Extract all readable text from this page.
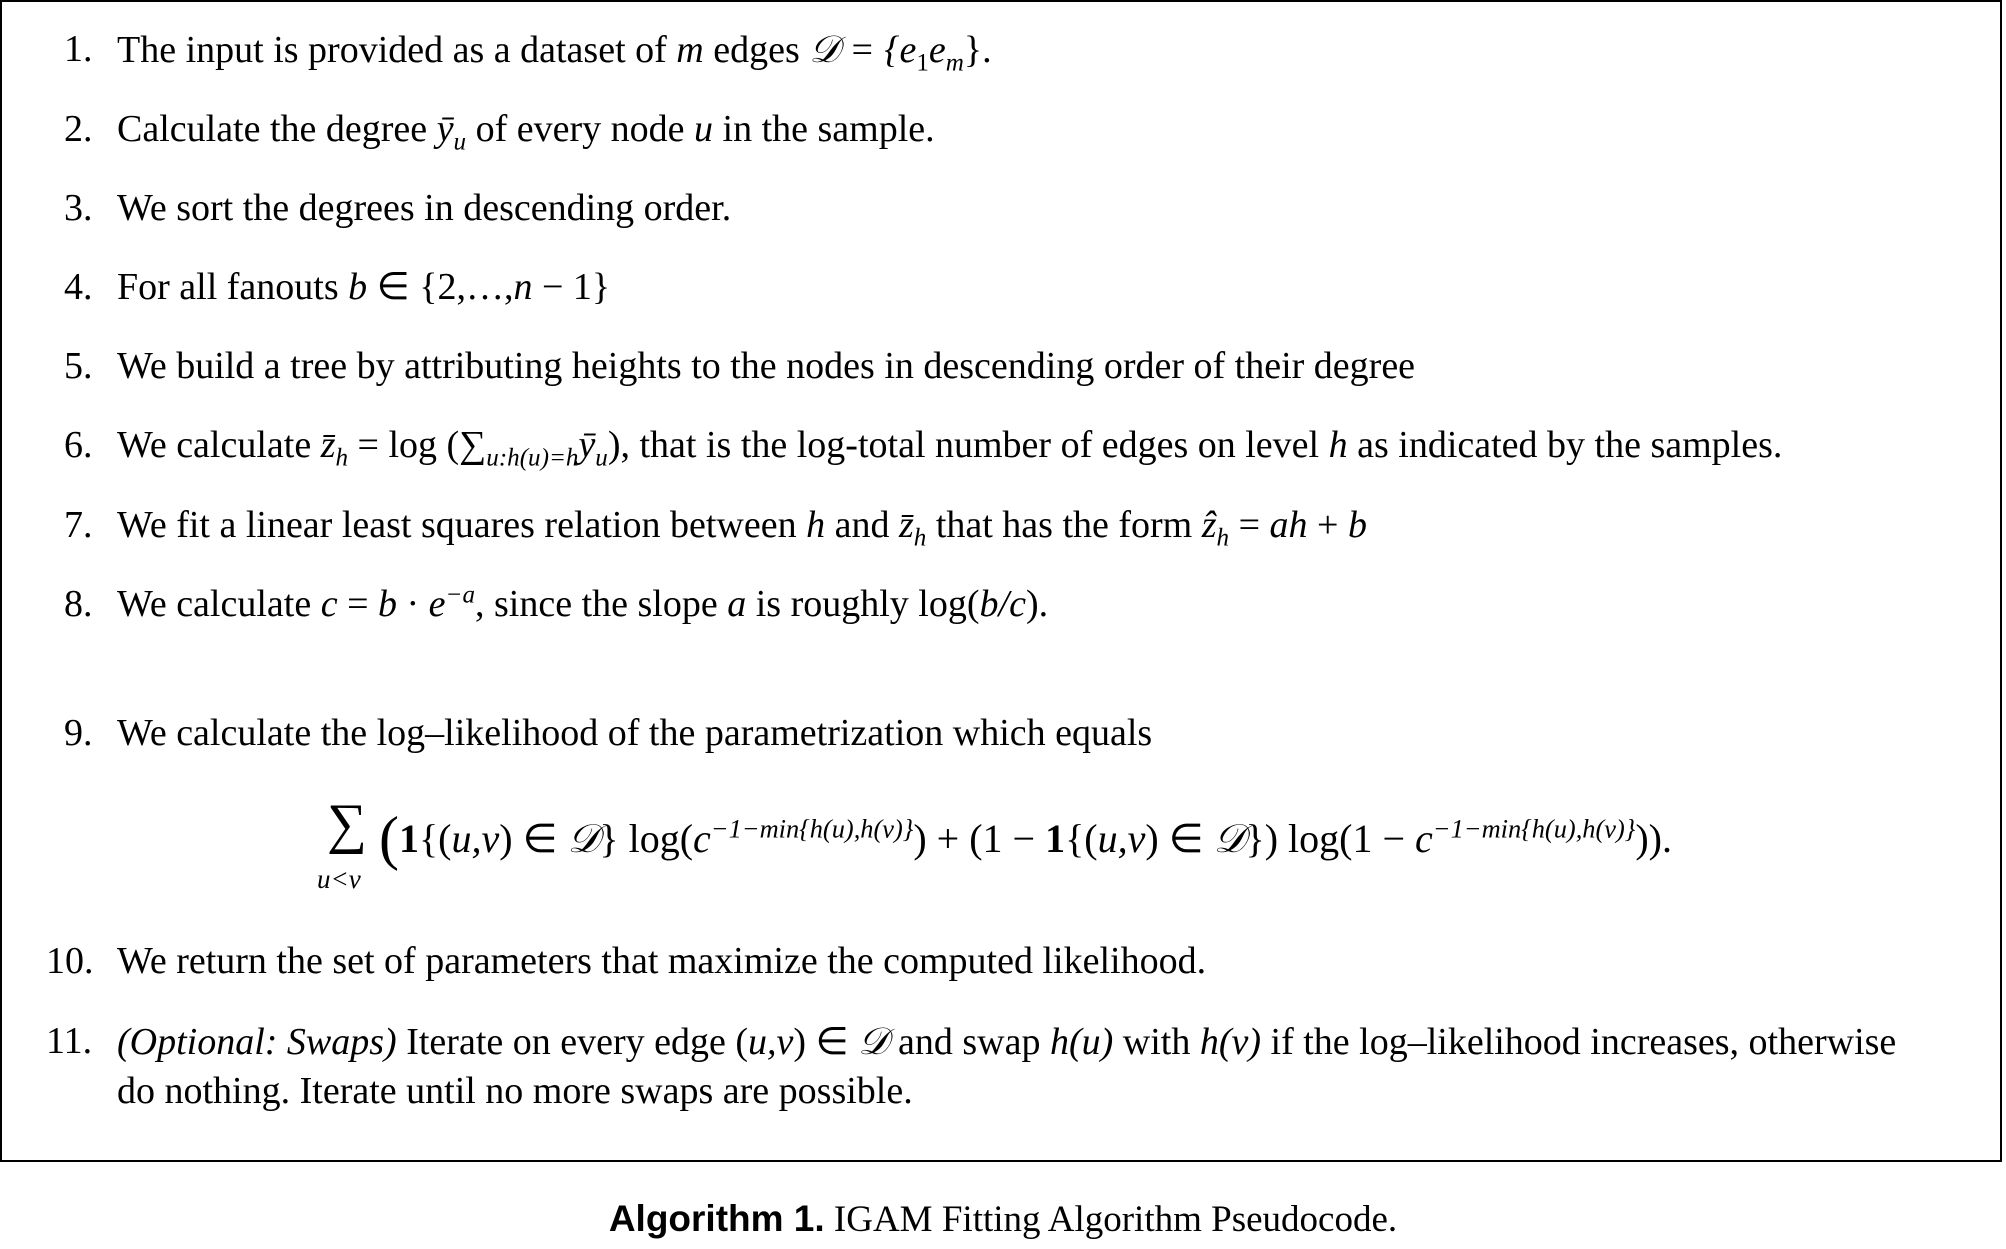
1. The input is provided as a dataset of m edges 𝒟 = $\{e_1e_m\}$.
2. Calculate the degree $ȳ_u$ of every node u in the sample.
3. We sort the degrees in descending order.
4. For all fanouts b ∈ {2,…,n − 1}
5. We build a tree by attributing heights to the nodes in descending order of their degree
6. We calculate $z̄_h = \log$ $(\sum_{u:h(u)=h}ȳ_u)$, that is the log-total number of edges on level h as indicated by the samples.
7. We fit a linear least squares relation between h and $z̄_h$ that has the form ẑ$_h$ = ah + b
8. We calculate $c = b \cdot e^{-a}$, since the slope a is roughly log(b/c).
9. We calculate the log–likelihood of the parametrization which equals
∑
u<v
(1{(u,v) ∈ 𝒟} $\log(c^{-1-min\{h(u),h(v)\}}) + (1 - 1\{(u,v)$ ∈ 𝒟}) $\log(1 - c^{-1-min\{h(u),h(v)\}})$).
10. We return the set of parameters that maximize the computed likelihood.
11. (Optional: Swaps) Iterate on every edge (u,v) ∈ 𝒟 and swap h(u) with h(v) if the log–likelihood increases, otherwise
do nothing. Iterate until no more swaps are possible.
Algorithm 1. IGAM Fitting Algorithm Pseudocode.
